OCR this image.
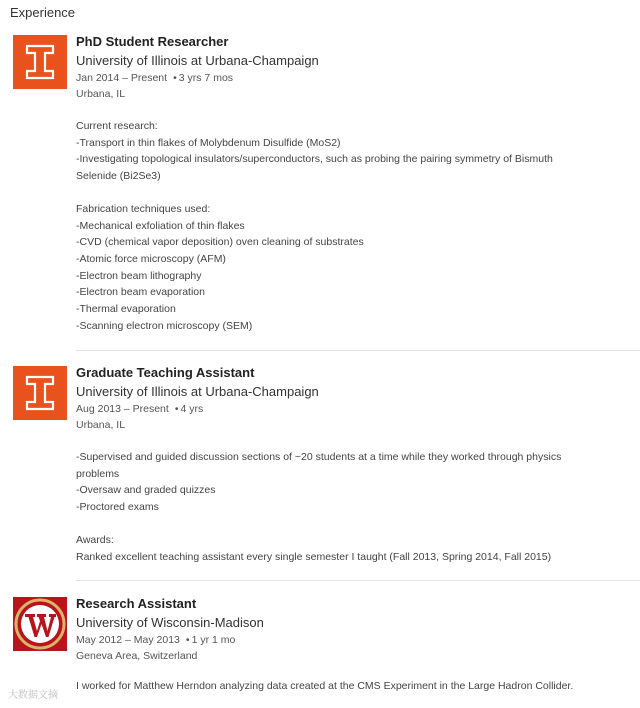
Experience
PhD Student Researcher
University of Illinois at Urbana-Champaign
Jan 2014 – Present • 3 yrs 7 mos
Urbana, IL
Current research:
-Transport in thin flakes of Molybdenum Disulfide (MoS2)
-Investigating topological insulators/superconductors, such as probing the pairing symmetry of Bismuth
Selenide (Bi2Se3)
Fabrication techniques used:
-Mechanical exfoliation of thin flakes
-CVD (chemical vapor deposition) oven cleaning of substrates
-Atomic force microscopy (AFM)
-Electron beam lithography
-Electron beam evaporation
-Thermal evaporation
-Scanning electron microscopy (SEM)
Graduate Teaching Assistant
University of Illinois at Urbana-Champaign
Aug 2013 – Present • 4 yrs
Urbana, IL
-Supervised and guided discussion sections of ~20 students at a time while they worked through physics
problems
-Oversaw and graded quizzes
-Proctored exams
Awards:
Ranked excellent teaching assistant every single semester I taught (Fall 2013, Spring 2014, Fall 2015)
Research Assistant
University of Wisconsin-Madison
May 2012 – May 2013 • 1 yr 1 mo
Geneva Area, Switzerland
I worked for Matthew Herndon analyzing data created at the CMS Experiment in the Large Hadron Collider.
大数据文摘
